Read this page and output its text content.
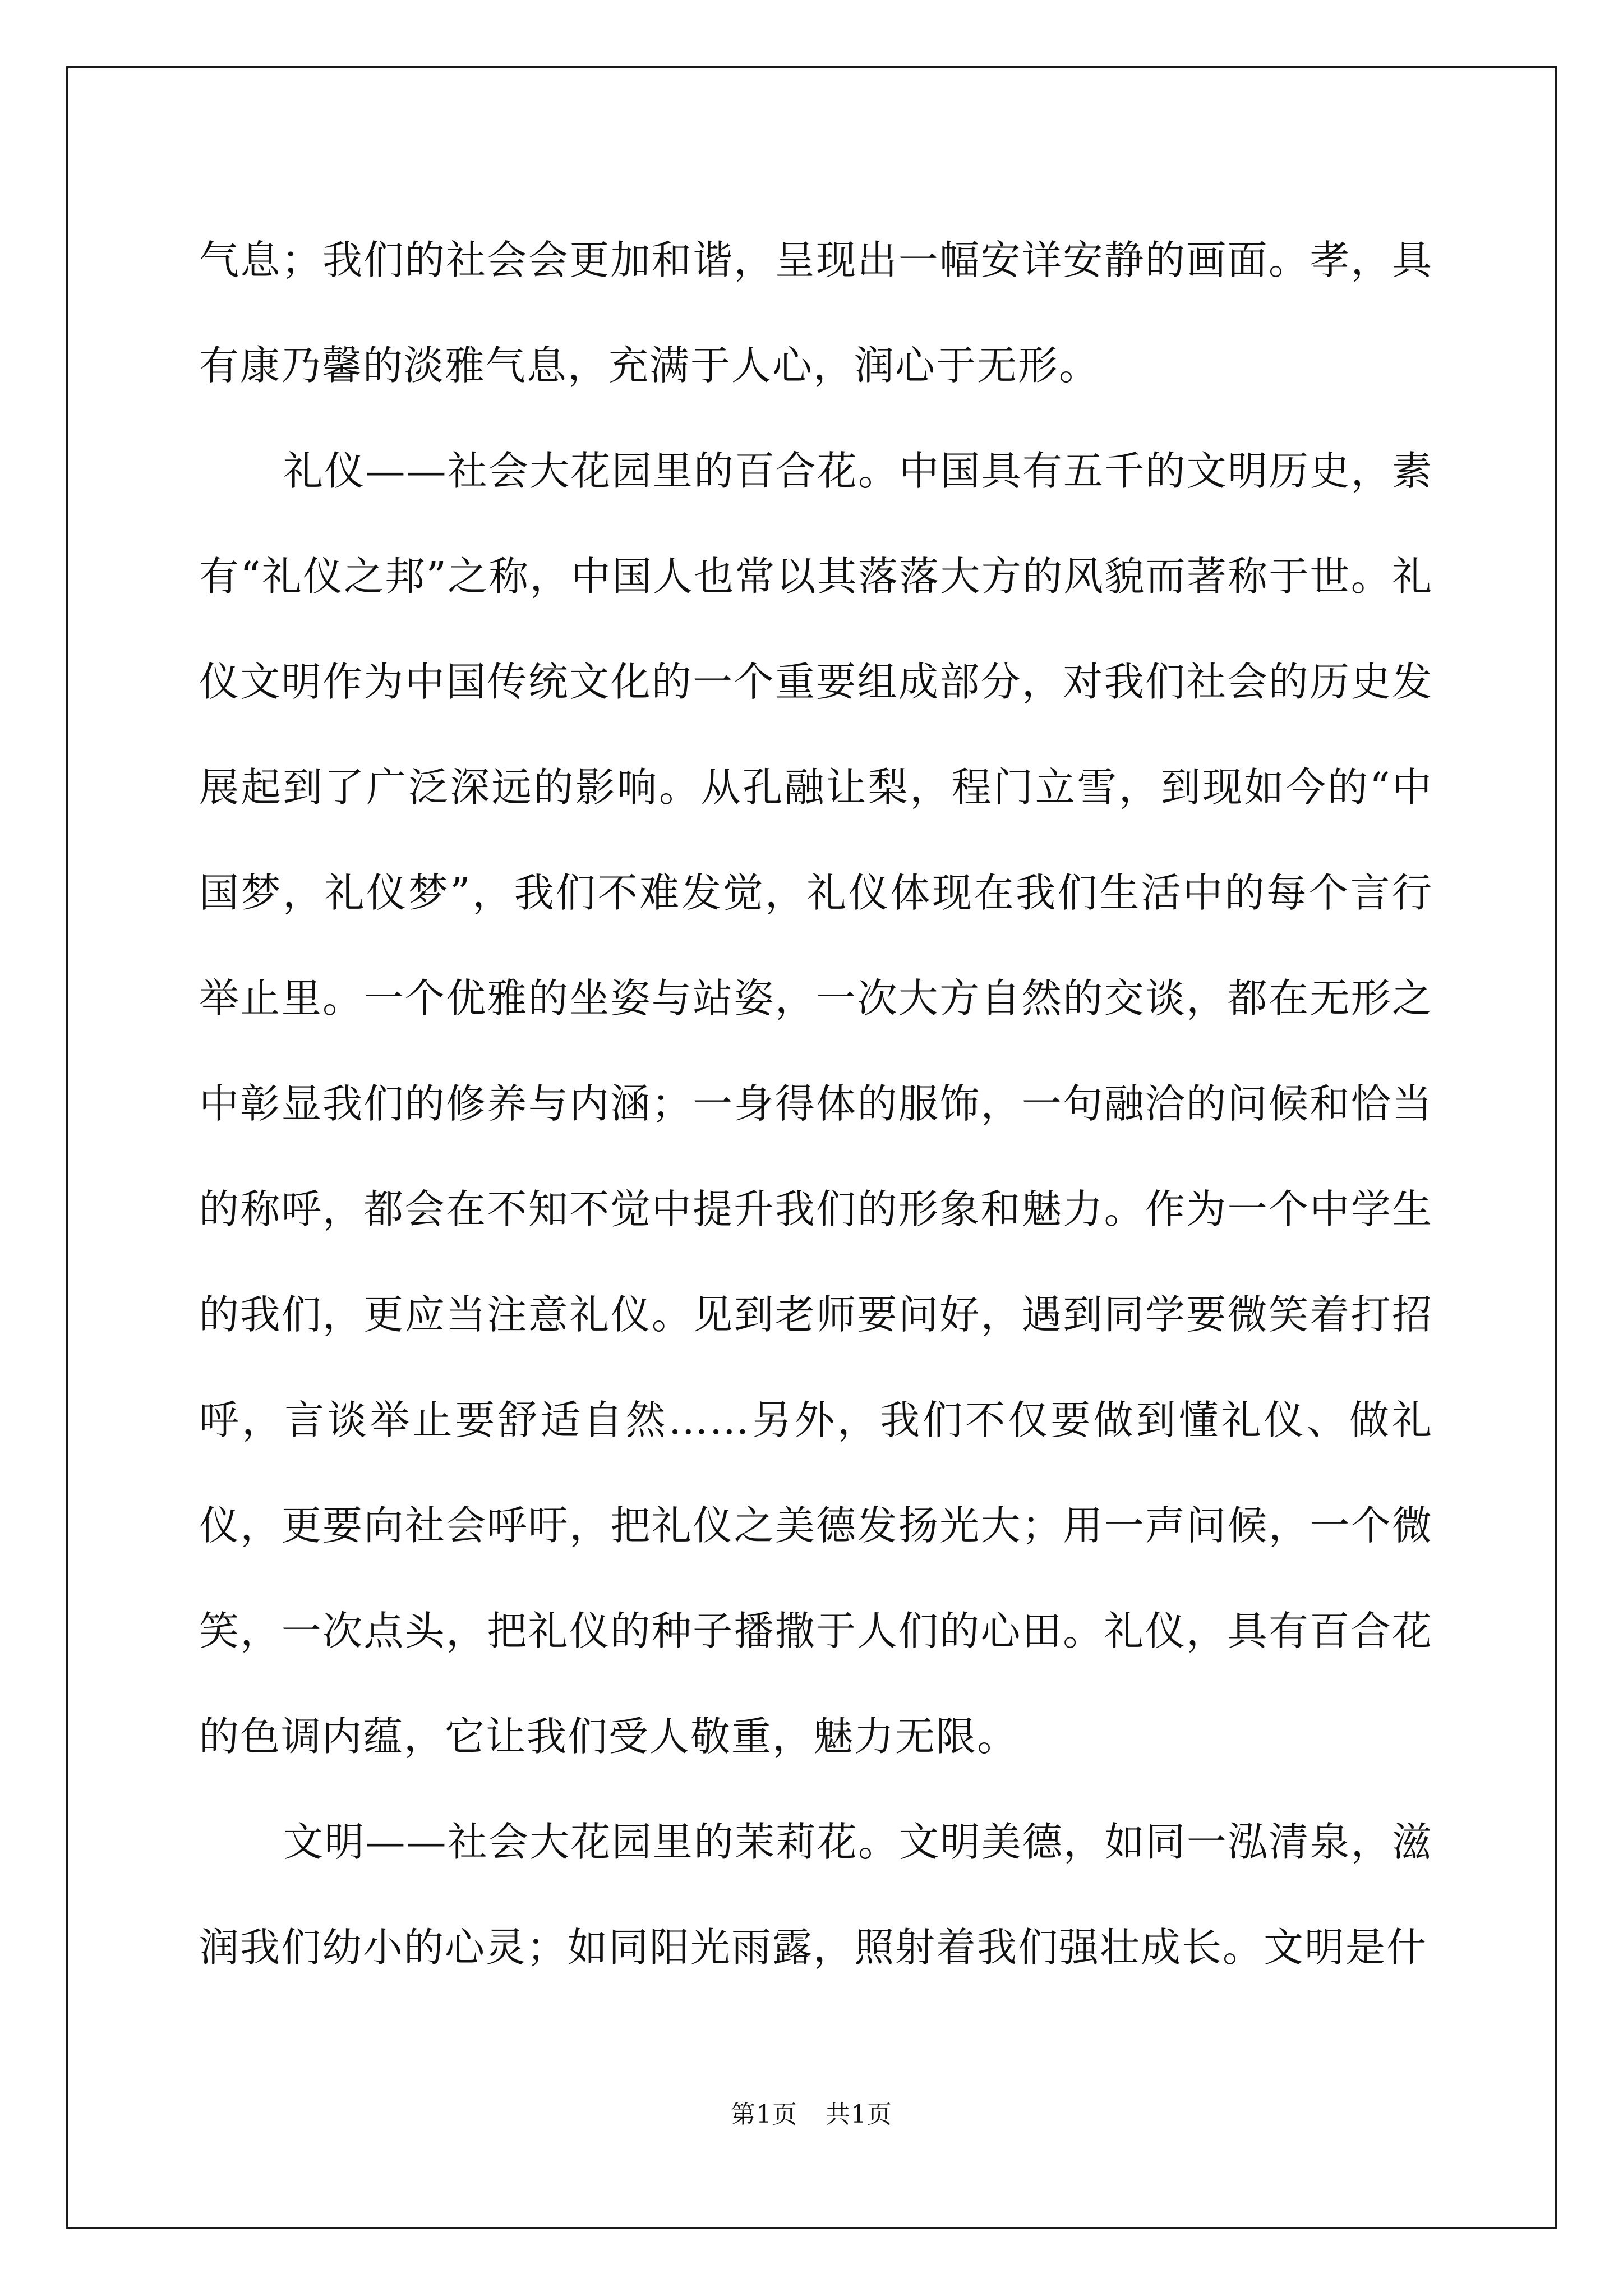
气息；我们的社会会更加和谐，呈现出一幅安详安静的画面。孝，具有康乃馨的淡雅气息，充满于人心，润心于无形。

礼仪——社会大花园里的百合花。中国具有五千的文明历史，素有“礼仪之邦”之称，中国人也常以其落落大方的风貌而著称于世。礼仪文明作为中国传统文化的一个重要组成部分，对我们社会的历史发展起到了广泛深远的影响。从孔融让梨，程门立雪，到现如今的“中国梦，礼仪梦”，我们不难发觉，礼仪体现在我们生活中的每个言行举止里。一个优雅的坐姿与站姿，一次大方自然的交谈，都在无形之中彰显我们的修养与内涵；一身得体的服饰，一句融洽的问候和恰当的称呼，都会在不知不觉中提升我们的形象和魅力。作为一个中学生的我们，更应当注意礼仪。见到老师要问好，遇到同学要微笑着打招呼，言谈举止要舒适自然……另外，我们不仅要做到懂礼仪、做礼仪，更要向社会呼吁，把礼仪之美德发扬光大；用一声问候，一个微笑，一次点头，把礼仪的种子播撒于人们的心田。礼仪，具有百合花的色调内蕴，它让我们受人敬重，魅力无限。

文明——社会大花园里的茉莉花。文明美德，如同一泓清泉，滋润我们幼小的心灵；如同阳光雨露，照射着我们强壮成长。文明是什

第1页 共1页
